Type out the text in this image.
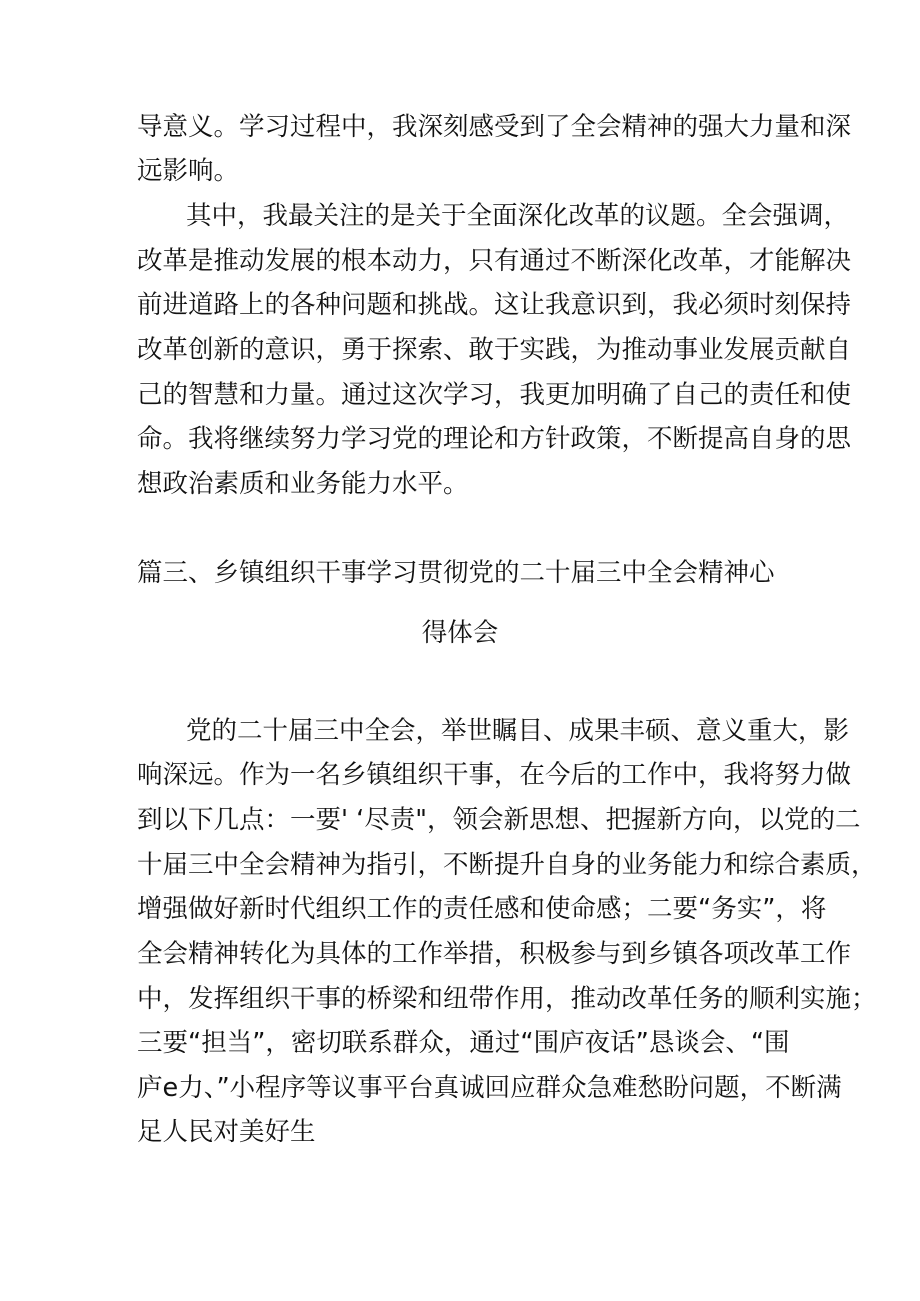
导意义。学习过程中，我深刻感受到了全会精神的强大力量和深
远影响。
其中，我最关注的是关于全面深化改革的议题。全会强调，
改革是推动发展的根本动力，只有通过不断深化改革，才能解决
前进道路上的各种问题和挑战。这让我意识到，我必须时刻保持
改革创新的意识，勇于探索、敢于实践，为推动事业发展贡献自
己的智慧和力量。通过这次学习，我更加明确了自己的责任和使
命。我将继续努力学习党的理论和方针政策，不断提高自身的思
想政治素质和业务能力水平。
篇三、乡镇组织干事学习贯彻党的二十届三中全会精神心
得体会
党的二十届三中全会，举世瞩目、成果丰硕、意义重大，影
响深远。作为一名乡镇组织干事，在今后的工作中，我将努力做
到以下几点：一要' ‘尽责"，领会新思想、把握新方向，以党的二
十届三中全会精神为指引，不断提升自身的业务能力和综合素质，
增强做好新时代组织工作的责任感和使命感；二要“务实”，将
全会精神转化为具体的工作举措，积极参与到乡镇各项改革工作
中，发挥组织干事的桥梁和纽带作用，推动改革任务的顺利实施；
三要“担当”，密切联系群众，通过“围庐夜话”恳谈会、“围
庐e力、”小程序等议事平台真诚回应群众急难愁盼问题，不断满
足人民对美好生
